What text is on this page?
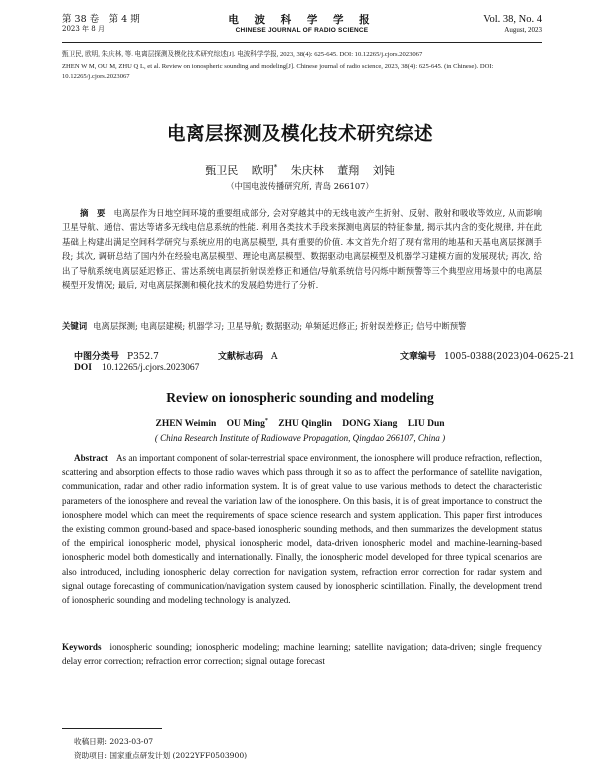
第 38 卷　第 4 期
2023 年 8 月
电 波 科 学 学 报
CHINESE JOURNAL OF RADIO SCIENCE
Vol. 38, No. 4
August, 2023
甄卫民, 欧明, 朱庆林, 等. 电离层探测及模化技术研究综述[J]. 电波科学学报, 2023, 38(4): 625-645. DOI: 10.12265/j.cjors.2023067
ZHEN W M, OU M, ZHU Q L, et al. Review on ionospheric sounding and modeling[J]. Chinese journal of radio science, 2023, 38(4): 625-645. (in Chinese). DOI: 10.12265/j.cjors.2023067
电离层探测及模化技术研究综述
甄卫民 欧明* 朱庆林 董翔 刘钝
（中国电波传播研究所, 青岛 266107）
摘　要 电离层作为日地空间环境的重要组成部分, 会对穿越其中的无线电波产生折射、反射、散射和吸收等效应, 从而影响卫星导航、通信、雷达等诸多无线电信息系统的性能. 利用各类技术手段来探测电离层的特征参量, 揭示其内含的变化规律, 并在此基础上构建出满足空间科学研究与系统应用的电离层模型, 具有重要的价值. 本文首先介绍了现有常用的地基和天基电离层探测手段; 其次, 调研总结了国内外在经验电离层模型、理论电离层模型、数据驱动电离层模型及机器学习建模方面的发展现状; 再次, 给出了导航系统电离层延迟修正、雷达系统电离层折射误差修正和通信/导航系统信号闪烁中断预警等三个典型应用场景中的电离层模型开发情况; 最后, 对电离层探测和模化技术的发展趋势进行了分析.
关键词 电离层探测; 电离层建模; 机器学习; 卫星导航; 数据驱动; 单频延迟修正; 折射误差修正; 信号中断预警
中图分类号 P352.7	文献标志码 A	文章编号 1005-0388(2023)04-0625-21
DOI 10.12265/j.cjors.2023067
Review on ionospheric sounding and modeling
ZHEN Weimin OU Ming* ZHU Qinglin DONG Xiang LIU Dun
( China Research Institute of Radiowave Propagation, Qingdao 266107, China )
Abstract As an important component of solar-terrestrial space environment, the ionosphere will produce refraction, reflection, scattering and absorption effects to those radio waves which pass through it so as to affect the performance of satellite navigation, communication, radar and other radio information system. It is of great value to use various methods to detect the characteristic parameters of the ionosphere and reveal the variation law of the ionosphere. On this basis, it is of great importance to construct the ionosphere model which can meet the requirements of space science research and system application. This paper first introduces the existing common ground-based and space-based ionospheric sounding methods, and then summarizes the development status of the empirical ionospheric model, physical ionospheric model, data-driven ionospheric model and machine-learning-based ionospheric model both domestically and internationally. Finally, the ionospheric model developed for three typical scenarios are also introduced, including ionospheric delay correction for navigation system, refraction error correction for radar system and signal outage forecasting of communication/navigation system caused by ionospheric scintillation. Finally, the development trend of ionospheric sounding and modeling technology is analyzed.
Keywords ionospheric sounding; ionospheric modeling; machine learning; satellite navigation; data-driven; single frequency delay error correction; refraction error correction; signal outage forecast
收稿日期: 2023-03-07
资助项目: 国家重点研发计划 (2022YFF0503900)
